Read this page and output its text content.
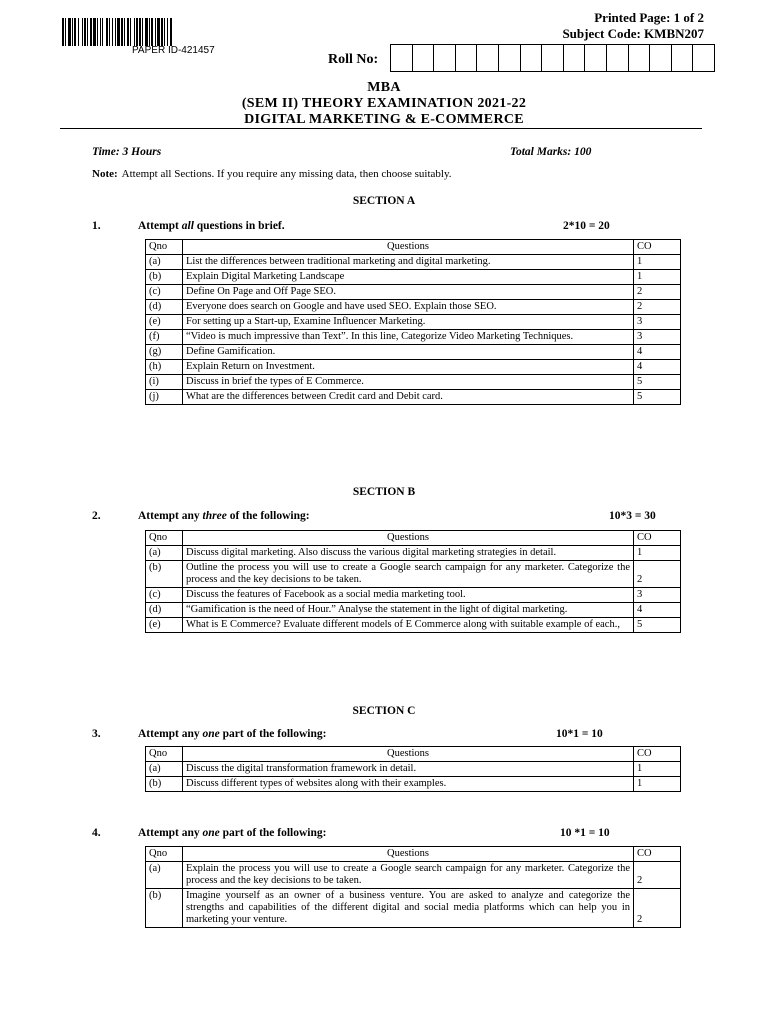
PAPER ID-421457
Printed Page: 1 of 2
Subject Code: KMBN207
Roll No:
MBA
(SEM II) THEORY EXAMINATION 2021-22
DIGITAL MARKETING & E-COMMERCE
Time: 3 Hours	Total Marks: 100
Note: Attempt all Sections. If you require any missing data, then choose suitably.
SECTION A
1.	Attempt all questions in brief.	2*10 = 20
Qno	Questions	CO
(a)	List the differences between traditional marketing and digital marketing.	1
(b)	Explain Digital Marketing Landscape	1
(c)	Define On Page and Off Page SEO.	2
(d)	Everyone does search on Google and have used SEO. Explain those SEO.	2
(e)	For setting up a Start-up, Examine Influencer Marketing.	3
(f)	“Video is much impressive than Text”. In this line, Categorize Video Marketing Techniques.	3
(g)	Define Gamification.	4
(h)	Explain Return on Investment.	4
(i)	Discuss in brief the types of E Commerce.	5
(j)	What are the differences between Credit card and Debit card.	5
SECTION B
2.	Attempt any three of the following:	10*3 = 30
Qno	Questions	CO
(a)	Discuss digital marketing. Also discuss the various digital marketing strategies in detail.	1
(b)	Outline the process you will use to create a Google search campaign for any marketer. Categorize the process and the key decisions to be taken.	2
(c)	Discuss the features of Facebook as a social media marketing tool.	3
(d)	“Gamification is the need of Hour.” Analyse the statement in the light of digital marketing.	4
(e)	What is E Commerce? Evaluate different models of E Commerce along with suitable example of each.,	5
SECTION C
3.	Attempt any one part of the following:	10*1 = 10
Qno	Questions	CO
(a)	Discuss the digital transformation framework in detail.	1
(b)	Discuss different types of websites along with their examples.	1
4.	Attempt any one part of the following:	10 *1 = 10
Qno	Questions	CO
(a)	Explain the process you will use to create a Google search campaign for any marketer. Categorize the process and the key decisions to be taken.	2
(b)	Imagine yourself as an owner of a business venture. You are asked to analyze and categorize the strengths and capabilities of the different digital and social media platforms which can help you in marketing your venture.	2
